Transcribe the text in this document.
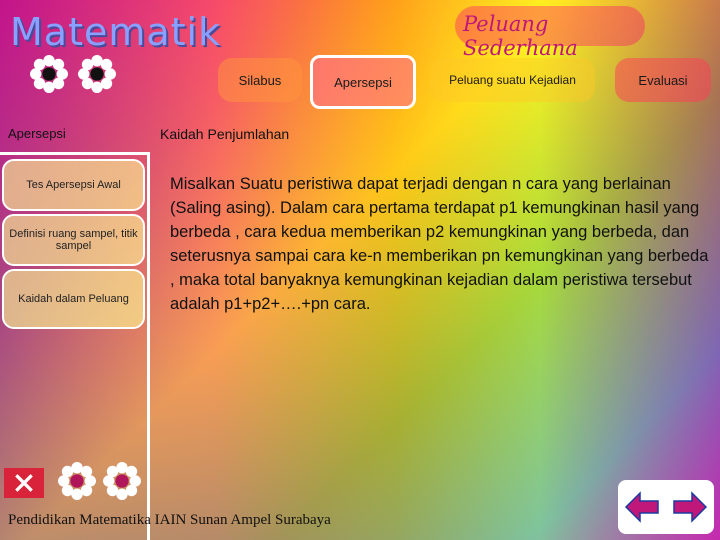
Matematik	Peluang Sederhana
Silabus	Apersepsi	Peluang suatu Kejadian	Evaluasi
Apersepsi	Kaidah Penjumlahan
Tes Apersepsi Awal
Definisi ruang sampel, titik sampel
Kaidah dalam Peluang
Misalkan Suatu peristiwa dapat terjadi dengan n cara yang berlainan (Saling asing). Dalam cara pertama terdapat p1 kemungkinan hasil yang berbeda , cara kedua memberikan p2 kemungkinan yang berbeda, dan seterusnya sampai cara ke-n memberikan pn kemungkinan yang berbeda , maka total banyaknya kemungkinan kejadian dalam peristiwa tersebut adalah p1+p2+….+pn cara.
Pendidikan Matematika IAIN Sunan Ampel Surabaya
